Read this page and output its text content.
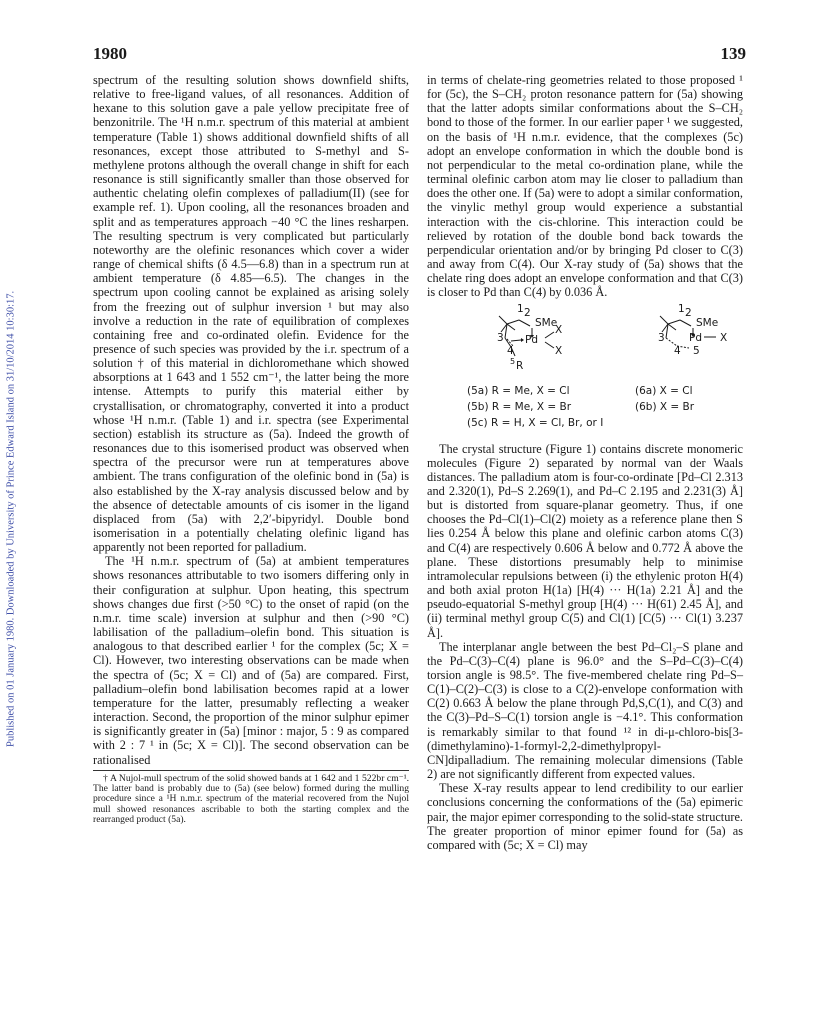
1980	139
Published on 01 January 1980. Downloaded by University of Prince Edward Island on 31/10/2014 10:30:17.

spectrum of the resulting solution shows downfield shifts, relative to free-ligand values, of all resonances. Addition of hexane to this solution gave a pale yellow precipitate free of benzonitrile. The ¹H n.m.r. spectrum of this material at ambient temperature (Table 1) shows additional downfield shifts of all resonances, except those attributed to S-methyl and S-methylene protons although the overall change in shift for each resonance is still significantly smaller than those observed for authentic chelating olefin complexes of palladium(II) (see for example ref. 1). Upon cooling, all the resonances broaden and split and as temperatures approach −40 °C the lines resharpen. The resulting spectrum is very complicated but particularly noteworthy are the olefinic resonances which cover a wider range of chemical shifts (δ 4.5—6.8) than in a spectrum run at ambient temperature (δ 4.85—6.5). The changes in the spectrum upon cooling cannot be explained as arising solely from the freezing out of sulphur inversion ¹ but may also involve a reduction in the rate of equilibration of complexes containing free and co-ordinated olefin. Evidence for the presence of such species was provided by the i.r. spectrum of a solution † of this material in dichloromethane which showed absorptions at 1 643 and 1 552 cm⁻¹, the latter being the more intense. Attempts to purify this material either by crystallisation, or chromatography, converted it into a product whose ¹H n.m.r. (Table 1) and i.r. spectra (see Experimental section) establish its structure as (5a). Indeed the growth of resonances due to this isomerised product was observed when spectra of the precursor were run at temperatures above ambient. The trans configuration of the olefinic bond in (5a) is also established by the X-ray analysis discussed below and by the absence of detectable amounts of cis isomer in the ligand displaced from (5a) with 2,2′-bipyridyl. Double bond isomerisation in a potentially chelating olefinic ligand has apparently not been reported for palladium.

The ¹H n.m.r. spectrum of (5a) at ambient temperatures shows resonances attributable to two isomers differing only in their configuration at sulphur. Upon heating, this spectrum shows changes due first (>50 °C) to the onset of rapid (on the n.m.r. time scale) inversion at sulphur and then (>90 °C) labilisation of the palladium–olefin bond. This situation is analogous to that described earlier ¹ for the complex (5c; X = Cl). However, two interesting observations can be made when the spectra of (5c; X = Cl) and of (5a) are compared. First, palladium–olefin bond labilisation becomes rapid at a lower temperature for the latter, presumably reflecting a weaker interaction. Second, the proportion of the minor sulphur epimer is significantly greater in (5a) [minor : major, 5 : 9 as compared with 2 : 7 ¹ in (5c; X = Cl)]. The second observation can be rationalised

† A Nujol-mull spectrum of the solid showed bands at 1 642 and 1 522br cm⁻¹. The latter band is probably due to (5a) (see below) formed during the mulling procedure since a ¹H n.m.r. spectrum of the material recovered from the Nujol mull showed resonances ascribable to both the starting complex and the rearranged product (5a).

in terms of chelate-ring geometries related to those proposed ¹ for (5c), the S–CH₂ proton resonance pattern for (5a) showing that the latter adopts similar conformations about the S–CH₂ bond to those of the former. In our earlier paper ¹ we suggested, on the basis of ¹H n.m.r. evidence, that the complexes (5c) adopt an envelope conformation in which the double bond is not perpendicular to the metal co-ordination plane, while the terminal olefinic carbon atom may lie closer to palladium than does the other one. If (5a) were to adopt a similar conformation, the vinylic methyl group would experience a substantial interaction with the cis-chlorine. This interaction could be relieved by rotation of the double bond back towards the perpendicular orientation and/or by bringing Pd closer to C(3) and away from C(4). Our X-ray study of (5a) shows that the chelate ring does adopt an envelope conformation and that C(3) is closer to Pd than C(4) by 0.036 Å.

2
1
SMe
3 Pd
X
X
4
5 R
2
1
SMe
3 Pd X
4 5
(5a) R = Me, X = Cl
(5b) R = Me, X = Br
(5c) R = H, X = Cl, Br, or I
(6a) X = Cl
(6b) X = Br

The crystal structure (Figure 1) contains discrete monomeric molecules (Figure 2) separated by normal van der Waals distances. The palladium atom is four-co-ordinate [Pd–Cl 2.313 and 2.320(1), Pd–S 2.269(1), and Pd–C 2.195 and 2.231(3) Å] but is distorted from square-planar geometry. Thus, if one chooses the Pd–Cl(1)–Cl(2) moiety as a reference plane then S lies 0.254 Å below this plane and olefinic carbon atoms C(3) and C(4) are respectively 0.606 Å below and 0.772 Å above the plane. These distortions presumably help to minimise intramolecular repulsions between (i) the ethylenic proton H(4) and both axial proton H(1a) [H(4) ··· H(1a) 2.21 Å] and the pseudo-equatorial S-methyl group [H(4) ··· H(61) 2.45 Å], and (ii) terminal methyl group C(5) and Cl(1) [C(5) ··· Cl(1) 3.237 Å].

The interplanar angle between the best Pd–Cl₂–S plane and the Pd–C(3)–C(4) plane is 96.0° and the S–Pd–C(3)–C(4) torsion angle is 98.5°. The five-membered chelate ring Pd–S–C(1)–C(2)–C(3) is close to a C(2)-envelope conformation with C(2) 0.663 Å below the plane through Pd,S,C(1), and C(3) and the C(3)–Pd–S–C(1) torsion angle is −4.1°. This conformation is remarkably similar to that found ¹² in di-μ-chloro-bis[3-(dimethylamino)-1-formyl-2,2-dimethylpropyl-CN]dipalladium. The remaining molecular dimensions (Table 2) are not significantly different from expected values.

These X-ray results appear to lend credibility to our earlier conclusions concerning the conformations of the (5a) epimeric pair, the major epimer corresponding to the solid-state structure. The greater proportion of minor epimer found for (5a) as compared with (5c; X = Cl) may
